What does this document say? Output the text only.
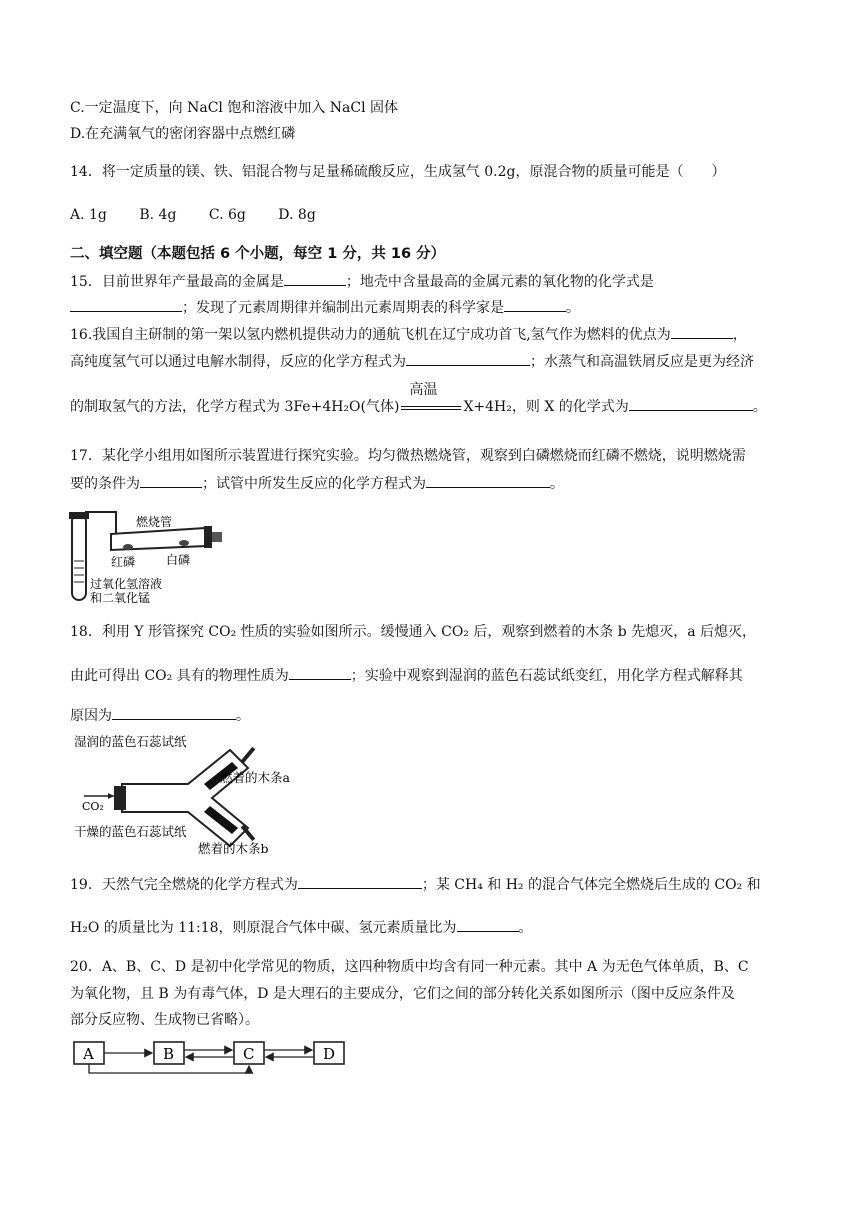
C.一定温度下，向 NaCl 饱和溶液中加入 NaCl 固体
D.在充满氧气的密闭容器中点燃红磷
14．将一定质量的镁、铁、铝混合物与足量稀硫酸反应，生成氢气 0.2g，原混合物的质量可能是（　　）
A. 1g B. 4g C. 6g D. 8g
二、填空题（本题包括 6 个小题，每空 1 分，共 16 分）
15．目前世界年产量最高的金属是	；地壳中含量最高的金属元素的氧化物的化学式是
；发现了元素周期律并编制出元素周期表的科学家是	。
16.我国自主研制的第一架以氢内燃机提供动力的通航飞机在辽宁成功首飞,氢气作为燃料的优点为	，
高纯度氢气可以通过电解水制得，反应的化学方程式为	；水蒸气和高温铁屑反应是更为经济
的制取氢气的方法，化学方程式为 3Fe+4H₂O(气体)
高温
X+4H₂，则 X 的化学式为	。
17．某化学小组用如图所示装置进行探究实验。均匀微热燃烧管，观察到白磷燃烧而红磷不燃烧，说明燃烧需
要的条件为	；试管中所发生反应的化学方程式为	。
燃烧管
红磷	白磷
过氧化氢溶液
和二氧化锰
18．利用 Y 形管探究 CO₂ 性质的实验如图所示。缓慢通入 CO₂ 后，观察到燃着的木条 b 先熄灭，a 后熄灭，
由此可得出 CO₂ 具有的物理性质为	；实验中观察到湿润的蓝色石蕊试纸变红，用化学方程式解释其
原因为	。
湿润的蓝色石蕊试纸
干燥的蓝色石蕊试纸
燃着的木条a
燃着的木条b
CO₂
19．天然气完全燃烧的化学方程式为	；某 CH₄ 和 H₂ 的混合气体完全燃烧后生成的 CO₂ 和
H₂O 的质量比为 11:18，则原混合气体中碳、氢元素质量比为	。
20．A、B、C、D 是初中化学常见的物质，这四种物质中均含有同一种元素。其中 A 为无色气体单质，B、C
为氧化物，且 B 为有毒气体，D 是大理石的主要成分，它们之间的部分转化关系如图所示（图中反应条件及
部分反应物、生成物已省略）。
A	B	C	D
